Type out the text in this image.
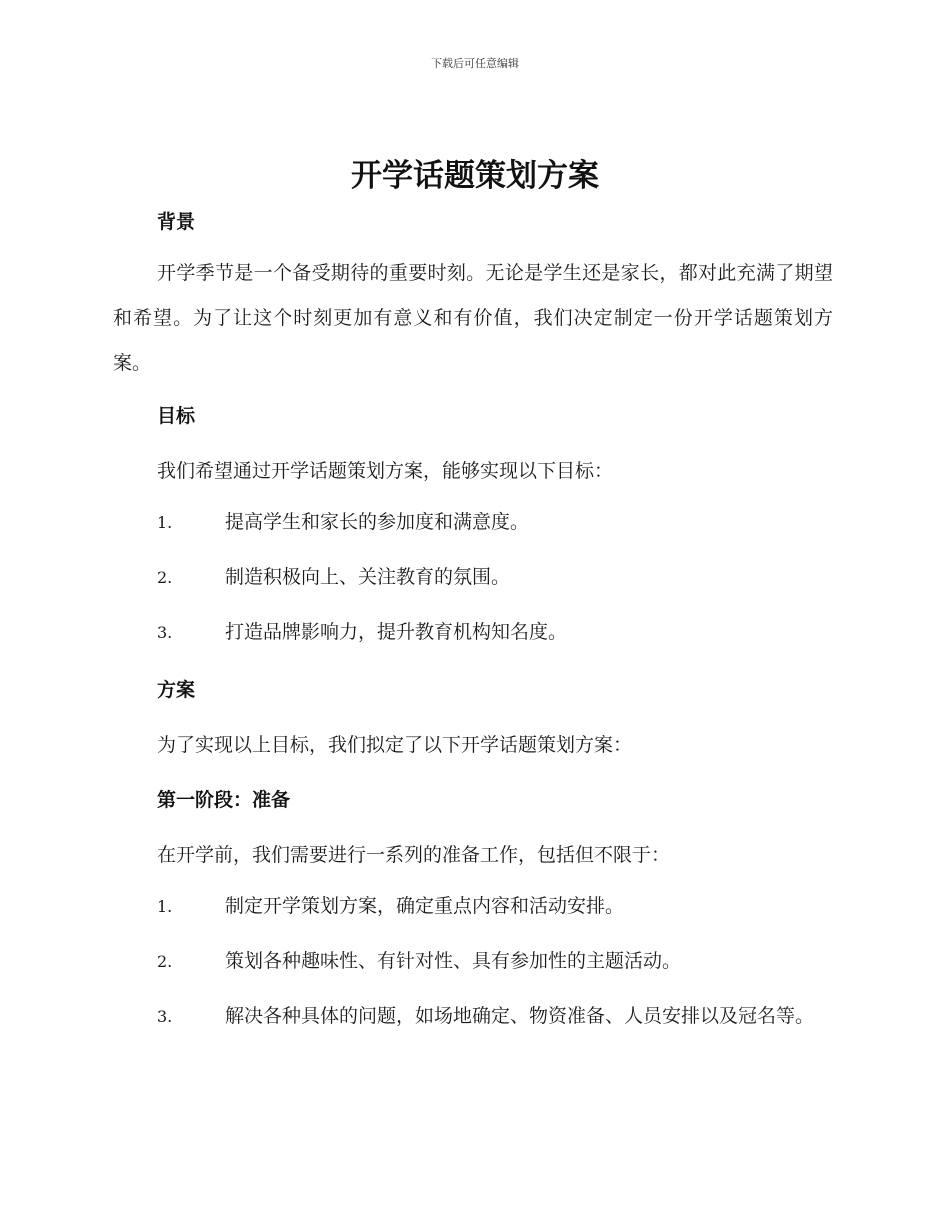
下载后可任意编辑
开学话题策划方案
背景
开学季节是一个备受期待的重要时刻。无论是学生还是家长，都对此充满了期望和希望。为了让这个时刻更加有意义和有价值，我们决定制定一份开学话题策划方案。
目标
我们希望通过开学话题策划方案，能够实现以下目标：
1.	提高学生和家长的参加度和满意度。
2.	制造积极向上、关注教育的氛围。
3.	打造品牌影响力，提升教育机构知名度。
方案
为了实现以上目标，我们拟定了以下开学话题策划方案：
第一阶段：准备
在开学前，我们需要进行一系列的准备工作，包括但不限于：
1.	制定开学策划方案，确定重点内容和活动安排。
2.	策划各种趣味性、有针对性、具有参加性的主题活动。
3.	解决各种具体的问题，如场地确定、物资准备、人员安排以及冠名等。
